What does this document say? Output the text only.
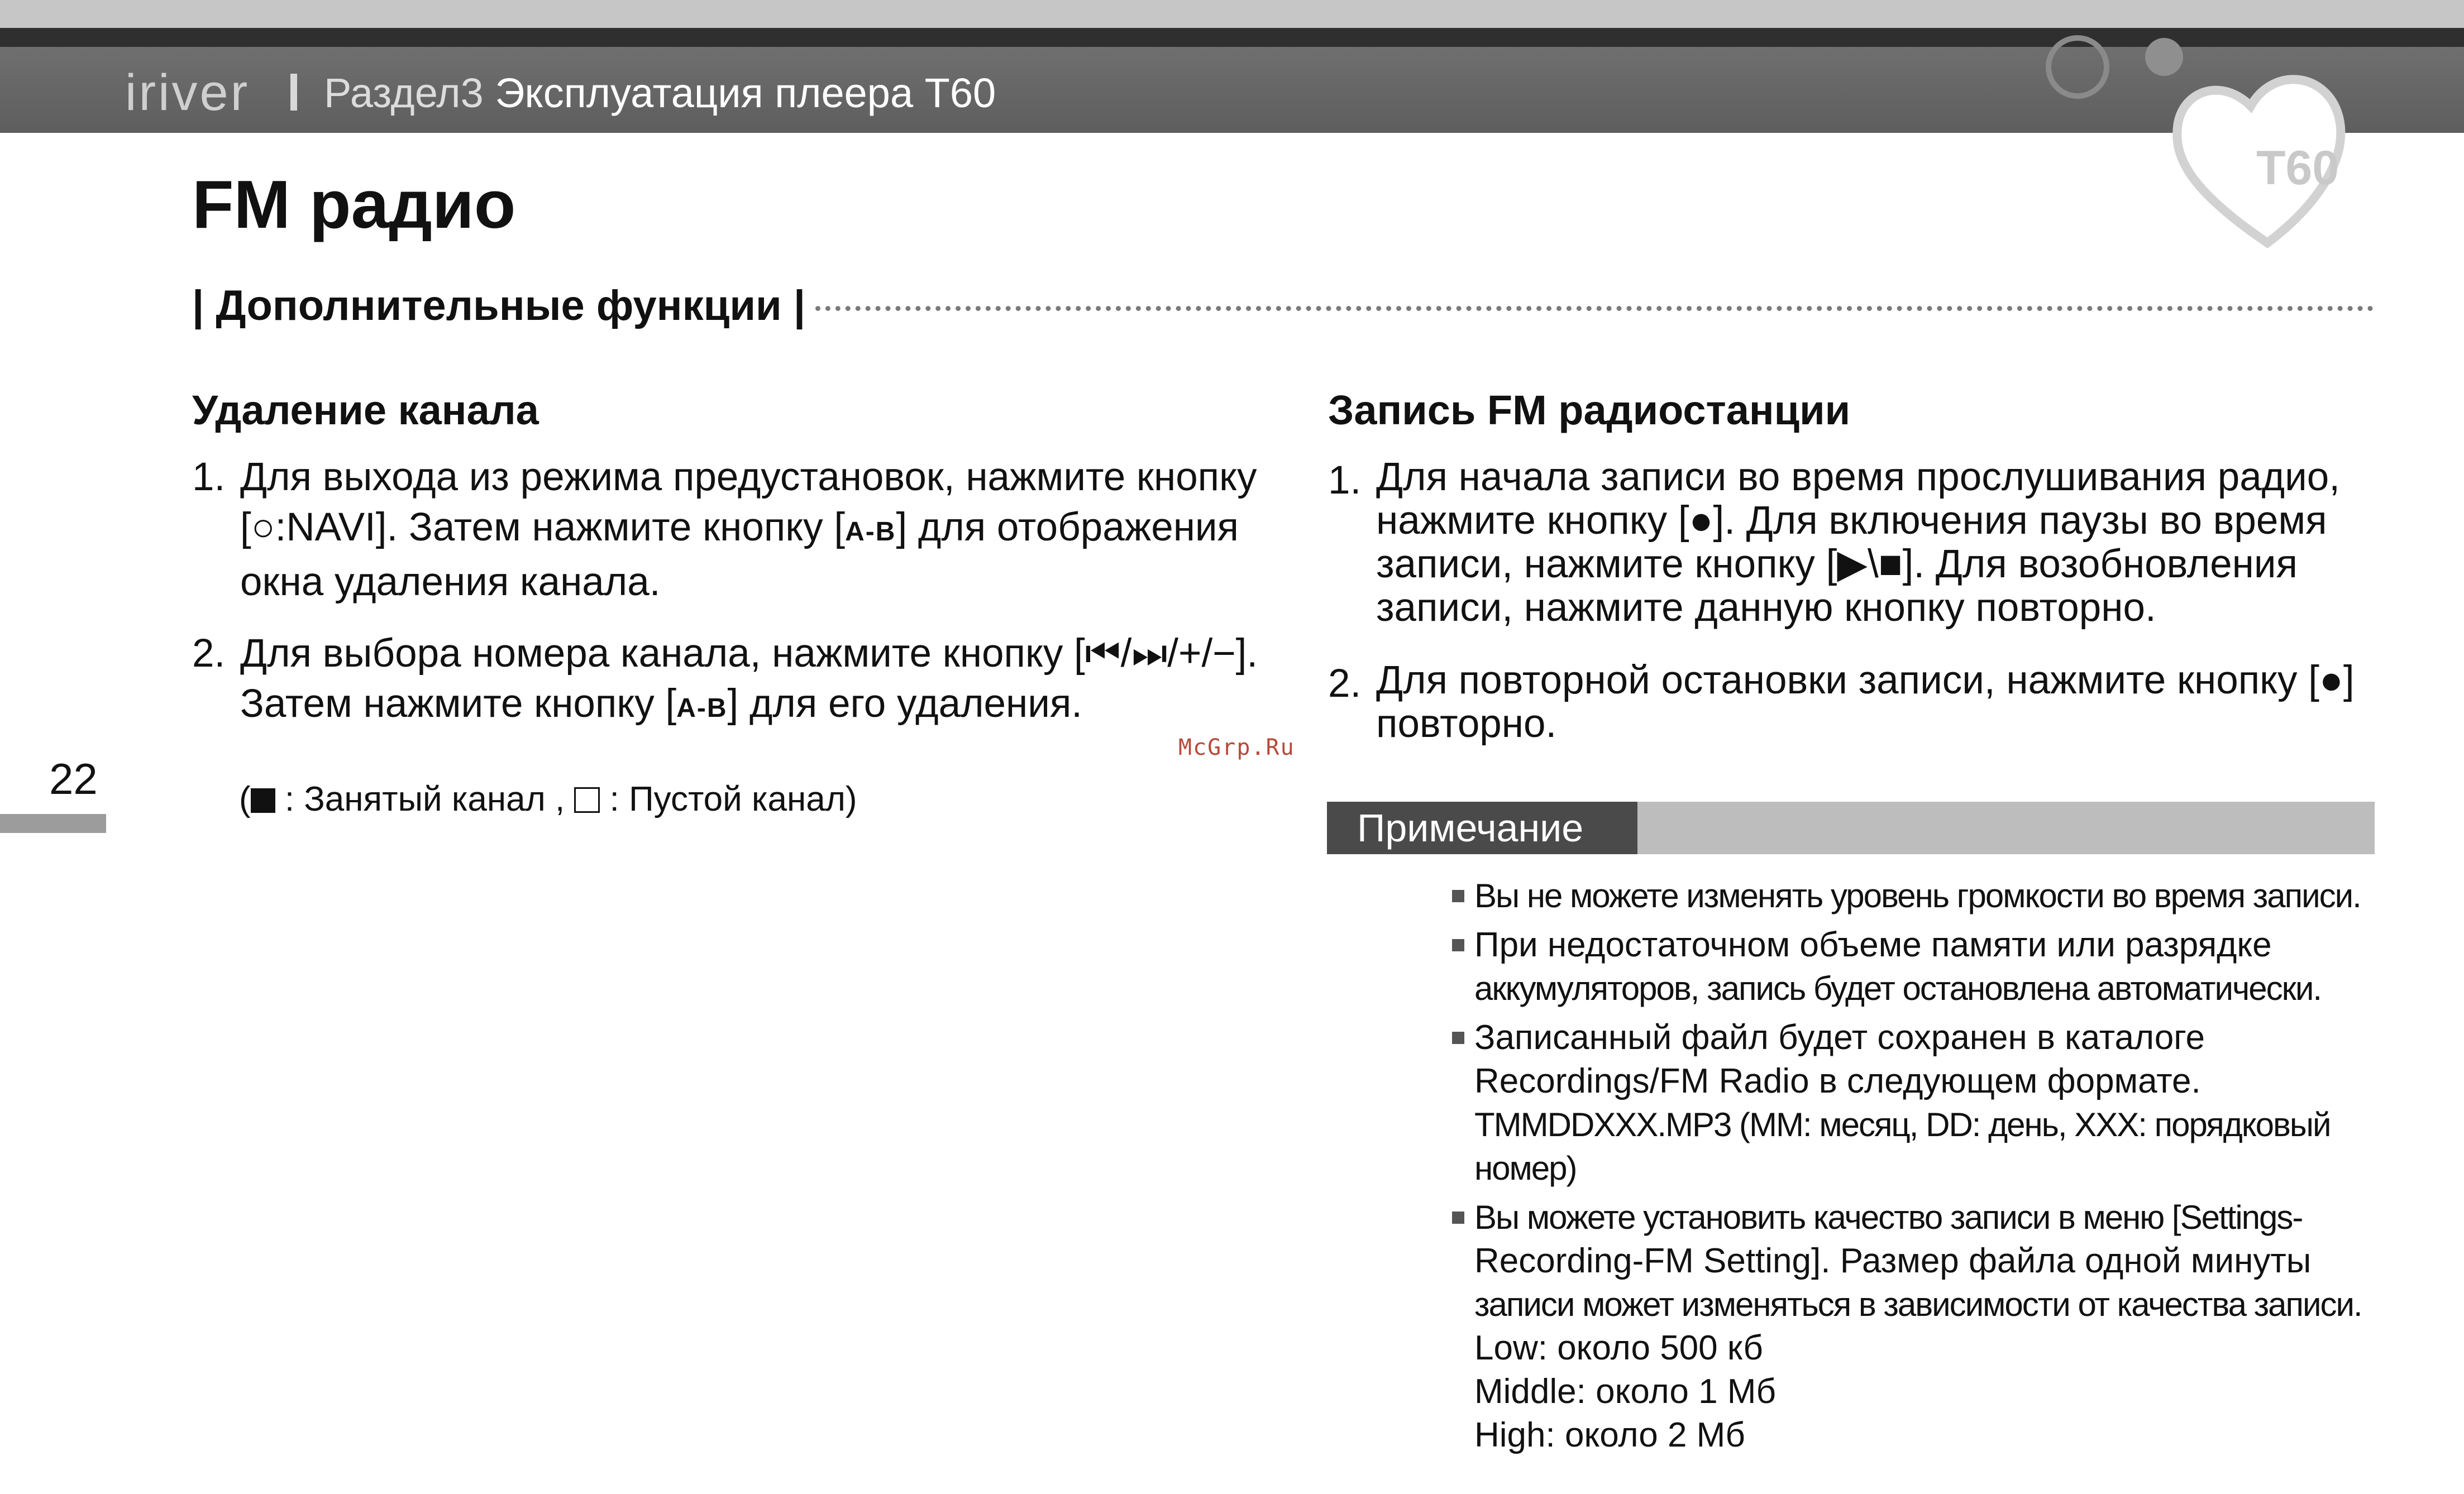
iriver Раздел3 Эксплуатация плеера T60
T60
FM радио
| Дополнительные функции |
Удаление канала
1. Для выхода из режима предустановок, нажмите кнопку [○:NAVI]. Затем нажмите кнопку [A-B] для отображения окна удаления канала.
2. Для выбора номера канала, нажмите кнопку [⏮/⏭/+/−]. Затем нажмите кнопку [A-B] для его удаления.
( : Занятый канал ,  : Пустой канал)
McGrp.Ru
22
Запись FM радиостанции
1. Для начала записи во время прослушивания радио, нажмите кнопку [●]. Для включения паузы во время записи, нажмите кнопку [▶\■]. Для возобновления записи, нажмите данную кнопку повторно.
2. Для повторной остановки записи, нажмите кнопку [●] повторно.
Примечание
Вы не можете изменять уровень громкости во время записи.
При недостаточном объеме памяти или разрядке
аккумуляторов, запись будет остановлена автоматически.
Записанный файл будет сохранен в каталоге
Recordings/FM Radio в следующем формате.
TMMDDXXX.MP3 (MM: месяц, DD: день, XXX: порядковый номер)
Вы можете установить качество записи в меню [Settings-
Recording-FM Setting]. Размер файла одной минуты
записи может изменяться в зависимости от качества записи.
Low: около 500 кб
Middle: около 1 Мб
High: около 2 Мб
